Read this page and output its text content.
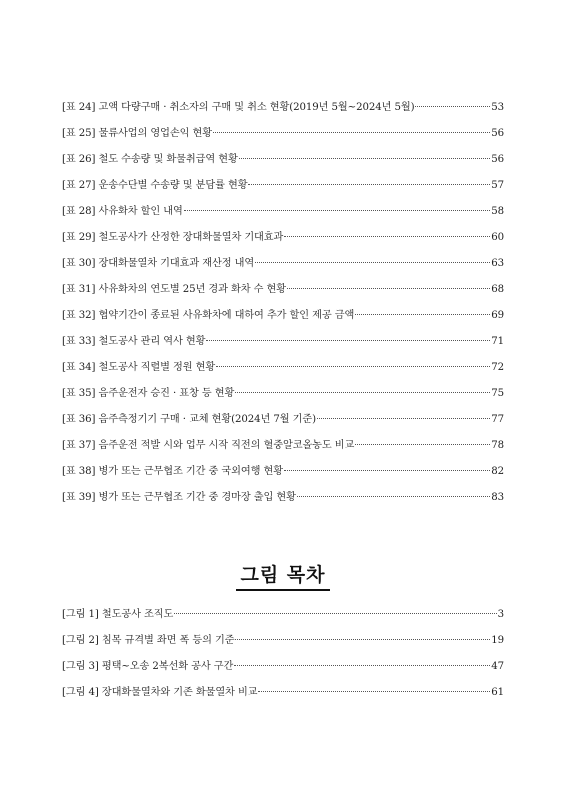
[표 24] 고액 다량구매 · 취소자의 구매 및 취소 현황(2019년 5월~2024년 5월)	53
[표 25] 물류사업의 영업손익 현황	56
[표 26] 철도 수송량 및 화물취급역 현황	56
[표 27] 운송수단별 수송량 및 분담률 현황	57
[표 28] 사유화차 할인 내역	58
[표 29] 철도공사가 산정한 장대화물열차 기대효과	60
[표 30] 장대화물열차 기대효과 재산정 내역	63
[표 31] 사유화차의 연도별 25년 경과 화차 수 현황	68
[표 32] 협약기간이 종료된 사유화차에 대하여 추가 할인 제공 금액	69
[표 33] 철도공사 관리 역사 현황	71
[표 34] 철도공사 직렬별 정원 현황	72
[표 35] 음주운전자 승진 · 표창 등 현황	75
[표 36] 음주측정기기 구매 · 교체 현황(2024년 7월 기준)	77
[표 37] 음주운전 적발 시와 업무 시작 직전의 혈중알코올농도 비교	78
[표 38] 병가 또는 근무협조 기간 중 국외여행 현황	82
[표 39] 병가 또는 근무협조 기간 중 경마장 출입 현황	83
그림 목차
[그림 1] 철도공사 조직도	3
[그림 2] 침목 규격별 좌면 폭 등의 기준	19
[그림 3] 평택~오송 2복선화 공사 구간	47
[그림 4] 장대화물열차와 기존 화물열차 비교	61
